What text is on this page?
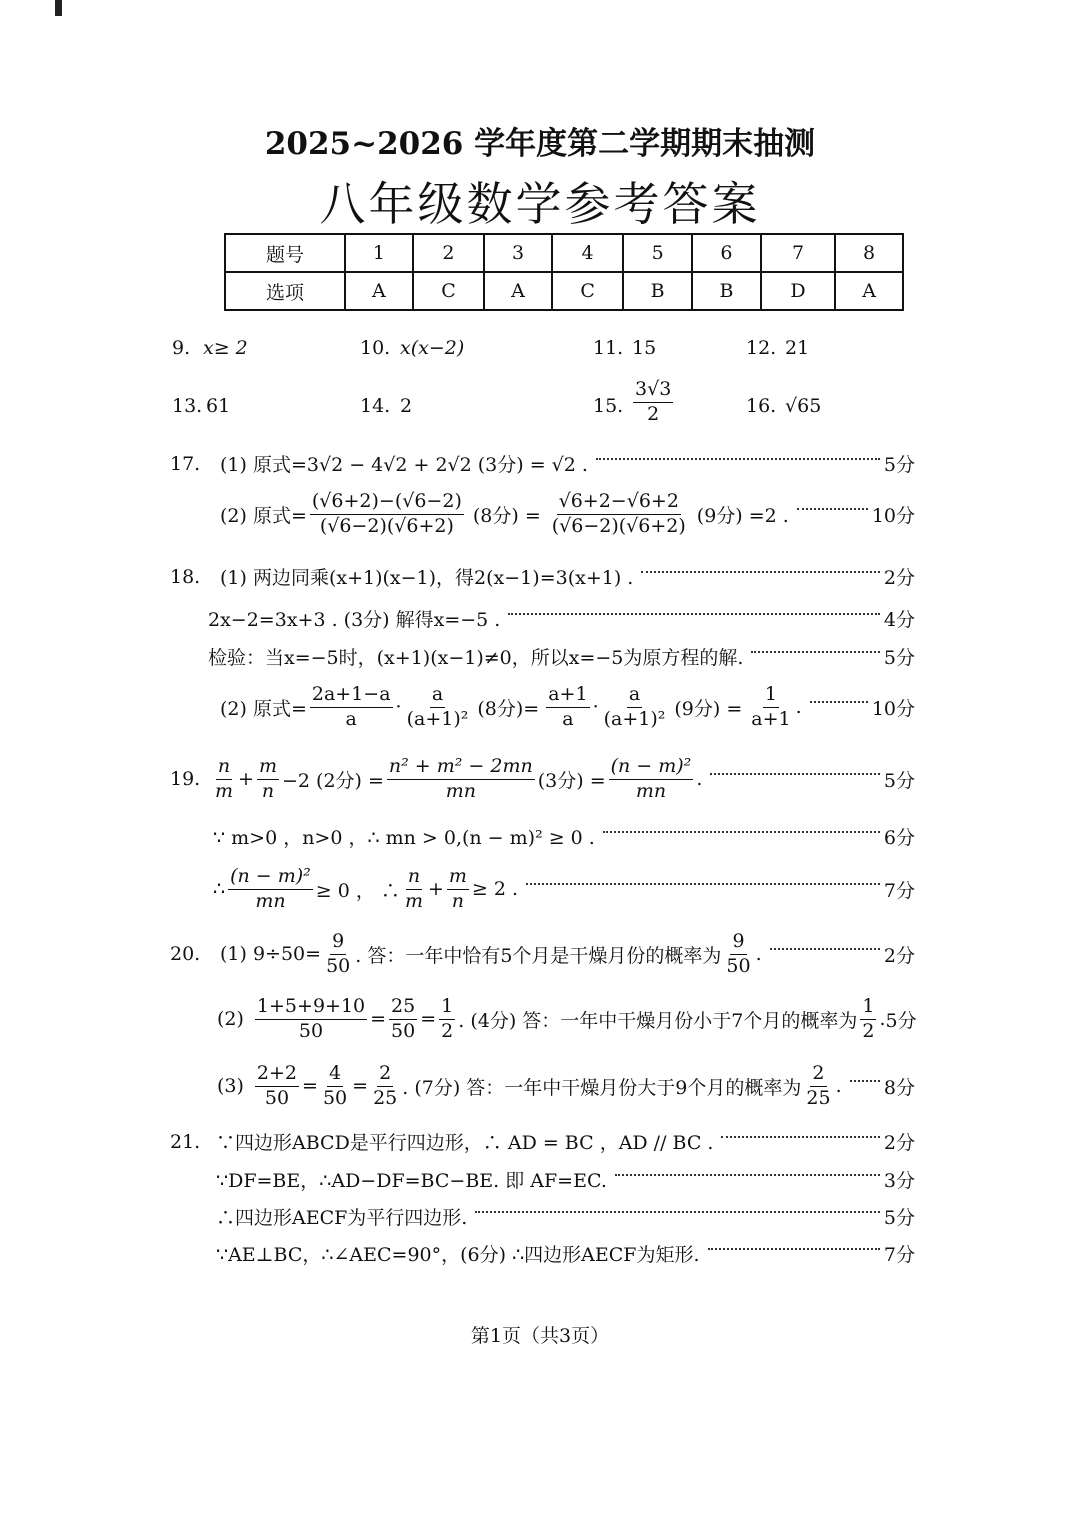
2025~2026 学年度第二学期期末抽测
八年级数学参考答案
题号	1	2	3	4	5	6	7	8
选项	A	C	A	C	B	B	D	A
9. x≥ 2	10. x(x−2)	11. 15	12. 21
13. 61	14. 2	15. $\frac{3√3}{2}$	16. √65
17.	(1) 原式=3√2 − 4√2 + 2√2 (3分) = √2 .	5分
(2) 原式= $\frac{(√6+2)-(√6-2)}{(√6-2)(√6+2)} (8$分) = $\frac{√6+2-√6+2}{(√6-2)(√6+2)} (9$分) =2 .	10分
18.	(1) 两边同乘(x+1)(x−1)，得2(x−1)=3(x+1) .	2分
2x−2=3x+3 . (3分) 解得x=−5 .	4分
检验：当x=−5时，(x+1)(x−1)≠0，所以x=−5为原方程的解.	5分
(2) 原式= $\frac{2a+1-a}{a} \cdot \frac{a}{\text{(a+1)²}} (8$分)= $\frac{a+1}{a} \cdot \frac{a}{\text{(a+1)²}} (9$分) = $\frac{1}{a+1}$ .	10分
19. $\frac{n}{m} + \frac{m}{n} -2$ (2分) = $\frac{\text{n² + m² − 2mn}}{mn} (3$分) = $\frac{\text{(n − m)²}}{mn}$ .	5分
∵ m>0 ，n>0 ，∴ mn > 0,(n − m)² ≥ 0 .	6分
∴ $\frac{\text{(n − m)²}}{mn} \ge 0$ ， ∴ $\frac{n}{m} + \frac{m}{n} \ge 2$ .	7分
20.	(1) $9\div 50= \frac{9}{50}$ . 答：一年中恰有5个月是干燥月份的概率为 $\frac{9}{50}$ .	2分
$(2) \frac{1+5+9+10}{50} = \frac{25}{50} = \frac{1}{2}$ . (4分) 答：一年中干燥月份小于7个月的概率为 $\frac{1}{2}$ . 5分
$(3) \frac{2+2}{50} = \frac{4}{50} = \frac{2}{25}$ . (7分) 答：一年中干燥月份大于9个月的概率为 $\frac{2}{25}$ . 8分
21. ∵四边形ABCD是平行四边形，∴ AD = BC ，AD // BC .	2分
∵DF=BE，∴AD−DF=BC−BE. 即 AF=EC.	3分
∴四边形AECF为平行四边形.	5分
∵AE⊥BC，∴∠AEC=90°，(6分) ∴四边形AECF为矩形.	7分
第1页（共3页）
